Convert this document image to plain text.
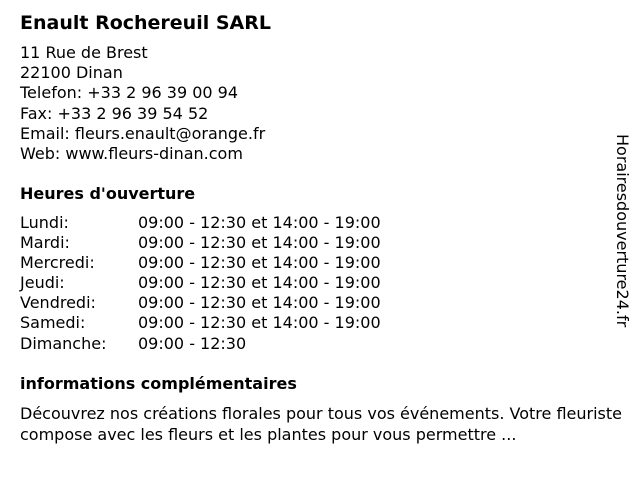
Enault Rochereuil SARL
11 Rue de Brest
22100 Dinan
Telefon: +33 2 96 39 00 94
Fax: +33 2 96 39 54 52
Email: fleurs.enault@orange.fr
Web: www.fleurs-dinan.com
Heures d'ouverture
Lundi:	09:00 - 12:30 et 14:00 - 19:00
Mardi:	09:00 - 12:30 et 14:00 - 19:00
Mercredi:	09:00 - 12:30 et 14:00 - 19:00
Jeudi:	09:00 - 12:30 et 14:00 - 19:00
Vendredi:	09:00 - 12:30 et 14:00 - 19:00
Samedi:	09:00 - 12:30 et 14:00 - 19:00
Dimanche: 09:00 - 12:30
informations complémentaires
Découvrez nos créations florales pour tous vos événements. Votre fleuriste compose avec les fleurs et les plantes pour vous permettre ...
Horairesdouverture24.fr
